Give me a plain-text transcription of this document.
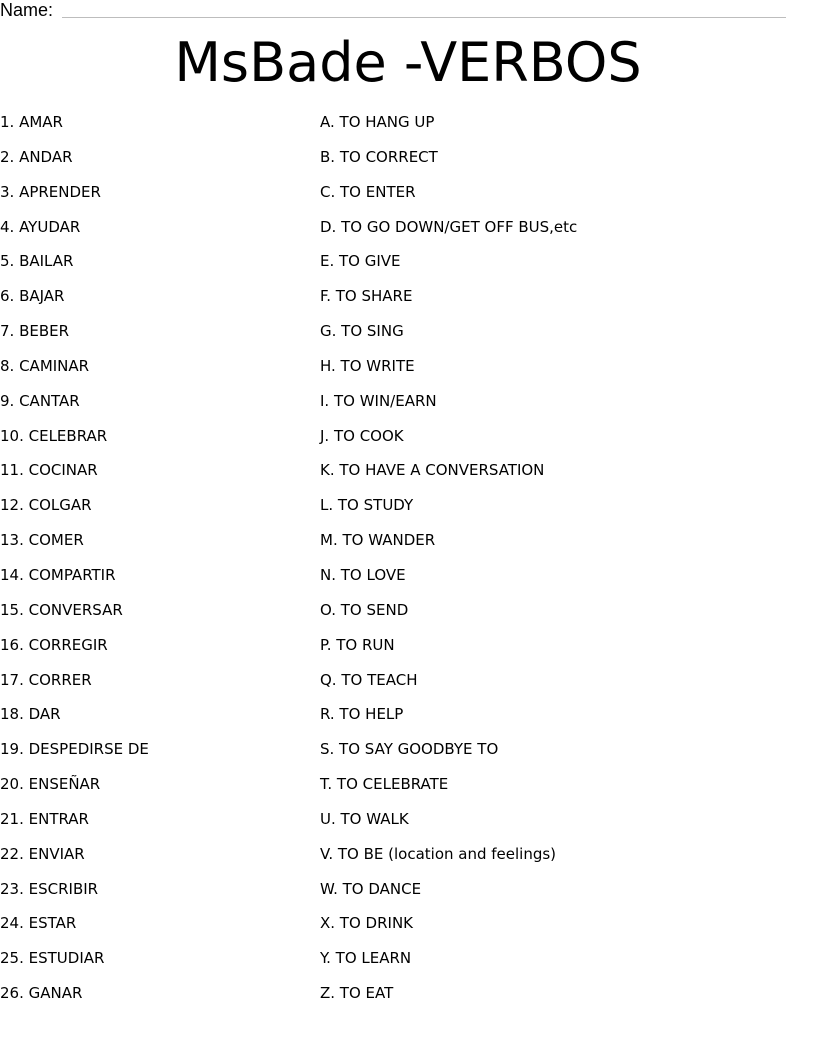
Name:
MsBade -VERBOS
1. AMAR
2. ANDAR
3. APRENDER
4. AYUDAR
5. BAILAR
6. BAJAR
7. BEBER
8. CAMINAR
9. CANTAR
10. CELEBRAR
11. COCINAR
12. COLGAR
13. COMER
14. COMPARTIR
15. CONVERSAR
16. CORREGIR
17. CORRER
18. DAR
19. DESPEDIRSE DE
20. ENSEÑAR
21. ENTRAR
22. ENVIAR
23. ESCRIBIR
24. ESTAR
25. ESTUDIAR
26. GANAR
A. TO HANG UP
B. TO CORRECT
C. TO ENTER
D. TO GO DOWN/GET OFF BUS,etc
E. TO GIVE
F. TO SHARE
G. TO SING
H. TO WRITE
I. TO WIN/EARN
J. TO COOK
K. TO HAVE A CONVERSATION
L. TO STUDY
M. TO WANDER
N. TO LOVE
O. TO SEND
P. TO RUN
Q. TO TEACH
R. TO HELP
S. TO SAY GOODBYE TO
T. TO CELEBRATE
U. TO WALK
V. TO BE (location and feelings)
W. TO DANCE
X. TO DRINK
Y. TO LEARN
Z. TO EAT
